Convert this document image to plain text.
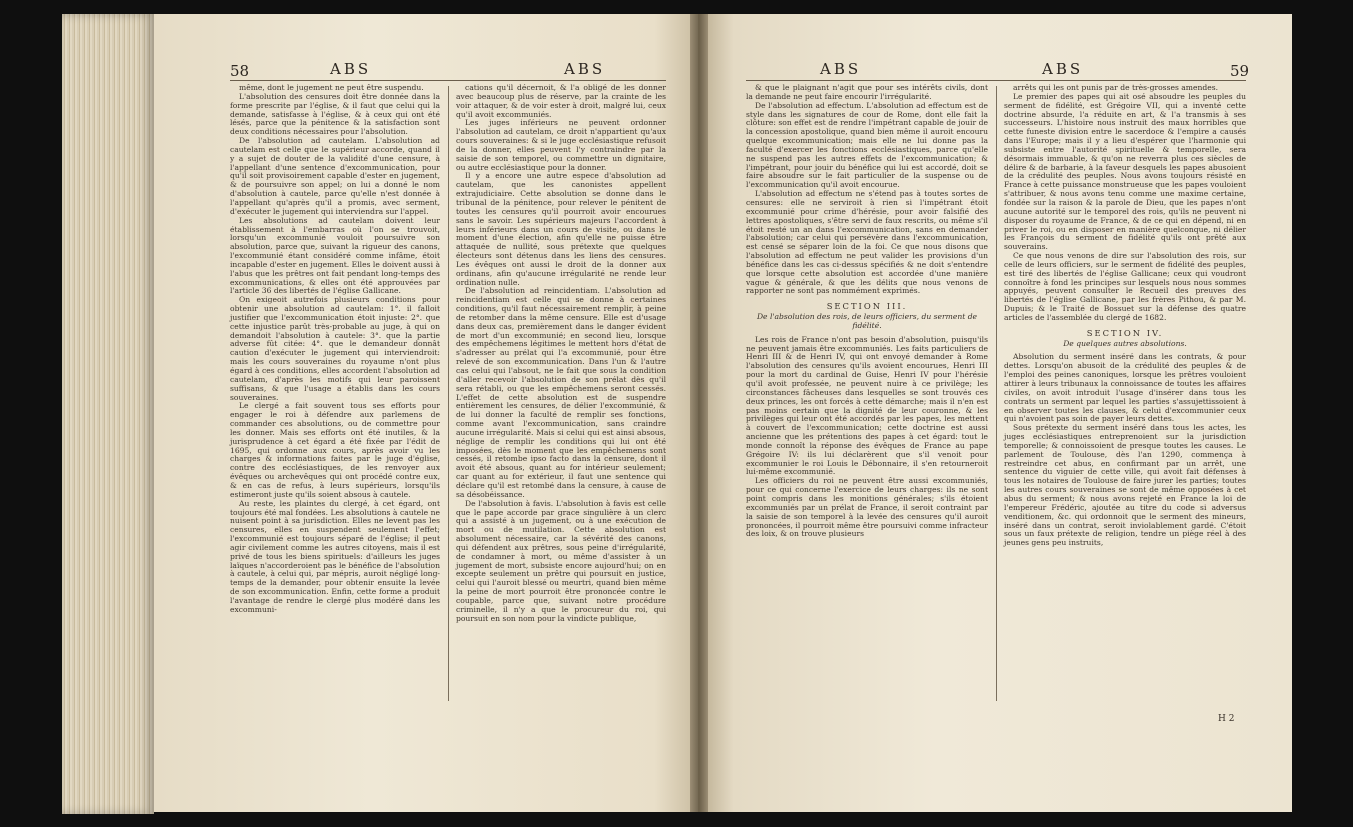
58	ABS	ABS

même, dont le jugement ne peut être suspendu.

L'absolution des censures doit être donnée dans la forme prescrite par l'église, & il faut que celui qui la demande, satisfasse à l'église, & à ceux qui ont été lésés, parce que la pénitence & la satisfaction sont deux conditions nécessaires pour l'absolution.

De l'absolution ad cautelam. L'absolution ad cautelam est celle que le supérieur accorde, quand il y a sujet de douter de la validité d'une censure, à l'appellant d'une sentence d'excommunication, pour qu'il soit provisoirement capable d'ester en jugement, & de poursuivre son appel; on lui a donné le nom d'absolution à cautele, parce qu'elle n'est donnée à l'appellant qu'après qu'il a promis, avec serment, d'exécuter le jugement qui interviendra sur l'appel.

Les absolutions ad cautelam doivent leur établissement à l'embarras où l'on se trouvoit, lorsqu'un excommunié vouloit poursuivre son absolution, parce que, suivant la rigueur des canons, l'excommunié étant considéré comme infâme, étoit incapable d'ester en jugement. Elles le doivent aussi à l'abus que les prêtres ont fait pendant long-temps des excommunications, & elles ont été approuvées par l'article 36 des libertés de l'église Gallicane.

On exigeoit autrefois plusieurs conditions pour obtenir une absolution ad cautelam: 1°. il falloit justifier que l'excommunication étoit injuste: 2°. que cette injustice parût très-probable au juge, à qui on demandoit l'absolution à cautele: 3°. que la partie adverse fût citée: 4°. que le demandeur donnât caution d'exécuter le jugement qui interviendroit: mais les cours souveraines du royaume n'ont plus égard à ces conditions, elles accordent l'absolution ad cautelam, d'après les motifs qui leur paroissent suffisans, & que l'usage a établis dans les cours souveraines.

Le clergé a fait souvent tous ses efforts pour engager le roi à défendre aux parlemens de commander ces absolutions, ou de commettre pour les donner. Mais ses efforts ont été inutiles, & la jurisprudence à cet égard a été fixée par l'édit de 1695, qui ordonne aux cours, après avoir vu les charges & informations faites par le juge d'église, contre des ecclésiastiques, de les renvoyer aux évêques ou archevêques qui ont procédé contre eux, & en cas de refus, à leurs supérieurs, lorsqu'ils estimeront juste qu'ils soient absous à cautele.

Au reste, les plaintes du clergé, à cet égard, ont toujours été mal fondées. Les absolutions à cautele ne nuisent point à sa jurisdiction. Elles ne levent pas les censures, elles en suspendent seulement l'effet; l'excommunié est toujours séparé de l'église; il peut agir civilement comme les autres citoyens, mais il est privé de tous les biens spirituels: d'ailleurs les juges laïques n'accorderoient pas le bénéfice de l'absolution à cautele, à celui qui, par mépris, auroit négligé long-temps de la demander, pour obtenir ensuite la levée de son excommunication. Enfin, cette forme a produit l'avantage de rendre le clergé plus modéré dans les excommuni-

cations qu'il décernoit, & l'a obligé de les donner avec beaucoup plus de réserve, par la crainte de les voir attaquer, & de voir ester à droit, malgré lui, ceux qu'il avoit excommuniés.

Les juges inférieurs ne peuvent ordonner l'absolution ad cautelam, ce droit n'appartient qu'aux cours souveraines: & si le juge ecclésiastique refusoit de la donner, elles peuvent l'y contraindre par la saisie de son temporel, ou commettre un dignitaire, ou autre ecclésiastique pour la donner.

Il y a encore une autre espece d'absolution ad cautelam, que les canonistes appellent extrajudiciaire. Cette absolution se donne dans le tribunal de la pénitence, pour relever le pénitent de toutes les censures qu'il pourroit avoir encourues sans le savoir. Les supérieurs majeurs l'accordent à leurs inférieurs dans un cours de visite, ou dans le moment d'une élection, afin qu'elle ne puisse être attaquée de nullité, sous prétexte que quelques électeurs sont détenus dans les liens des censures. Les évêques ont aussi le droit de la donner aux ordinans, afin qu'aucune irrégularité ne rende leur ordination nulle.

De l'absolution ad reincidentiam. L'absolution ad reincidentiam est celle qui se donne à certaines conditions, qu'il faut nécessairement remplir, à peine de retomber dans la même censure. Elle est d'usage dans deux cas, premièrement dans le danger évident de mort d'un excommunié; en second lieu, lorsque des empêchemens légitimes le mettent hors d'état de s'adresser au prélat qui l'a excommunié, pour être relevé de son excommunication. Dans l'un & l'autre cas celui qui l'absout, ne le fait que sous la condition d'aller recevoir l'absolution de son prélat dès qu'il sera rétabli, ou que les empêchemens seront cessés. L'effet de cette absolution est de suspendre entièrement les censures, de délier l'excommunié, & de lui donner la faculté de remplir ses fonctions, comme avant l'excommunication, sans craindre aucune irrégularité. Mais si celui qui est ainsi absous, néglige de remplir les conditions qui lui ont été imposées, dès le moment que les empêchemens sont cessés, il retombe ipso facto dans la censure, dont il avoit été absous, quant au for intérieur seulement; car quant au for extérieur, il faut une sentence qui déclare qu'il est retombé dans la censure, à cause de sa désobéissance.

De l'absolution à favis. L'absolution à favis est celle que le pape accorde par grace singulière à un clerc qui a assisté à un jugement, ou à une exécution de mort ou de mutilation. Cette absolution est absolument nécessaire, car la sévérité des canons, qui défendent aux prêtres, sous peine d'irrégularité, de condamner à mort, ou même d'assister à un jugement de mort, subsiste encore aujourd'hui; on en excepte seulement un prêtre qui poursuit en justice, celui qui l'auroit blessé ou meurtri, quand bien même la peine de mort pourroit être prononcée contre le coupable, parce que, suivant notre procédure criminelle, il n'y a que le procureur du roi, qui poursuit en son nom pour la vindicte publique,

ABS	ABS	59

& que le plaignant n'agit que pour ses intérêts civils, dont la demande ne peut faire encourir l'irrégularité.

De l'absolution ad effectum. L'absolution ad effectum est de style dans les signatures de cour de Rome, dont elle fait la clôture: son effet est de rendre l'impétrant capable de jouir de la concession apostolique, quand bien même il auroit encouru quelque excommunication; mais elle ne lui donne pas la faculté d'exercer les fonctions ecclésiastiques, parce qu'elle ne suspend pas les autres effets de l'excommunication; & l'impétrant, pour jouir du bénéfice qui lui est accordé, doit se faire absoudre sur le fait particulier de la suspense ou de l'excommunication qu'il avoit encourue.

L'absolution ad effectum ne s'étend pas à toutes sortes de censures: elle ne serviroit à rien si l'impétrant étoit excommunié pour crime d'hérésie, pour avoir falsifié des lettres apostoliques, s'être servi de faux rescrits, ou même s'il étoit resté un an dans l'excommunication, sans en demander l'absolution; car celui qui persévère dans l'excommunication, est censé se séparer loin de la foi. Ce que nous disons que l'absolution ad effectum ne peut valider les provisions d'un bénéfice dans les cas ci-dessus spécifiés & ne doit s'entendre que lorsque cette absolution est accordée d'une manière vague & générale, & que les délits que nous venons de rapporter ne sont pas nommément exprimés.

SECTION III.

De l'absolution des rois, de leurs officiers, du serment de fidélité.

Les rois de France n'ont pas besoin d'absolution, puisqu'ils ne peuvent jamais être excommuniés. Les faits particuliers de Henri III & de Henri IV, qui ont envoyé demander à Rome l'absolution des censures qu'ils avoient encourues, Henri III pour la mort du cardinal de Guise, Henri IV pour l'hérésie qu'il avoit professée, ne peuvent nuire à ce privilège; les circonstances fâcheuses dans lesquelles se sont trouvés ces deux princes, les ont forcés à cette démarche; mais il n'en est pas moins certain que la dignité de leur couronne, & les privilèges qui leur ont été accordés par les papes, les mettent à couvert de l'excommunication; cette doctrine est aussi ancienne que les prétentions des papes à cet égard: tout le monde connoît la réponse des évêques de France au pape Grégoire IV: ils lui déclarèrent que s'il venoit pour excommunier le roi Louis le Débonnaire, il s'en retourneroit lui-même excommunié.

Les officiers du roi ne peuvent être aussi excommuniés, pour ce qui concerne l'exercice de leurs charges: ils ne sont point compris dans les monitions générales; s'ils étoient excommuniés par un prélat de France, il seroit contraint par la saisie de son temporel à la levée des censures qu'il auroit prononcées, il pourroit même être poursuivi comme infracteur des loix, & on trouve plusieurs

arrêts qui les ont punis par de très-grosses amendes.

Le premier des papes qui ait osé absoudre les peuples du serment de fidélité, est Grégoire VII, qui a inventé cette doctrine absurde, l'a réduite en art, & l'a transmis à ses successeurs. L'histoire nous instruit des maux horribles que cette funeste division entre le sacerdoce & l'empire a causés dans l'Europe; mais il y a lieu d'espérer que l'harmonie qui subsiste entre l'autorité spirituelle & temporelle, sera désormais immuable, & qu'on ne reverra plus ces siècles de délire & de barbarie, à la faveur desquels les papes abusoient de la crédulité des peuples. Nous avons toujours résisté en France à cette puissance monstrueuse que les papes vouloient s'attribuer, & nous avons tenu comme une maxime certaine, fondée sur la raison & la parole de Dieu, que les papes n'ont aucune autorité sur le temporel des rois, qu'ils ne peuvent ni disposer du royaume de France, & de ce qui en dépend, ni en priver le roi, ou en disposer en manière quelconque, ni délier les François du serment de fidélité qu'ils ont prêté aux souverains.

Ce que nous venons de dire sur l'absolution des rois, sur celle de leurs officiers, sur le serment de fidélité des peuples, est tiré des libertés de l'église Gallicane; ceux qui voudront connoître à fond les principes sur lesquels nous nous sommes appuyés, peuvent consulter le Recueil des preuves des libertés de l'église Gallicane, par les frères Pithou, & par M. Dupuis; & le Traité de Bossuet sur la défense des quatre articles de l'assemblée du clergé de 1682.

SECTION IV.

De quelques autres absolutions.

Absolution du serment inséré dans les contrats, & pour dettes. Lorsqu'on abusoit de la crédulité des peuples & de l'emploi des peines canoniques, lorsque les prêtres vouloient attirer à leurs tribunaux la connoissance de toutes les affaires civiles, on avoit introduit l'usage d'insérer dans tous les contrats un serment par lequel les parties s'assujettissoient à en observer toutes les clauses, & celui d'excommunier ceux qui n'avoient pas soin de payer leurs dettes.

Sous prétexte du serment inséré dans tous les actes, les juges ecclésiastiques entreprenoient sur la jurisdiction temporelle; & connoissoient de presque toutes les causes. Le parlement de Toulouse, dès l'an 1290, commença à restreindre cet abus, en confirmant par un arrêt, une sentence du viguier de cette ville, qui avoit fait défenses à tous les notaires de Toulouse de faire jurer les parties; toutes les autres cours souveraines se sont de même opposées à cet abus du serment; & nous avons rejeté en France la loi de l'empereur Frédéric, ajoutée au titre du code si adversus venditionem, &c. qui ordonnoit que le serment des mineurs, inséré dans un contrat, seroit inviolablement gardé. C'étoit sous un faux prétexte de religion, tendre un piège réel à des jeunes gens peu instruits,

H 2
